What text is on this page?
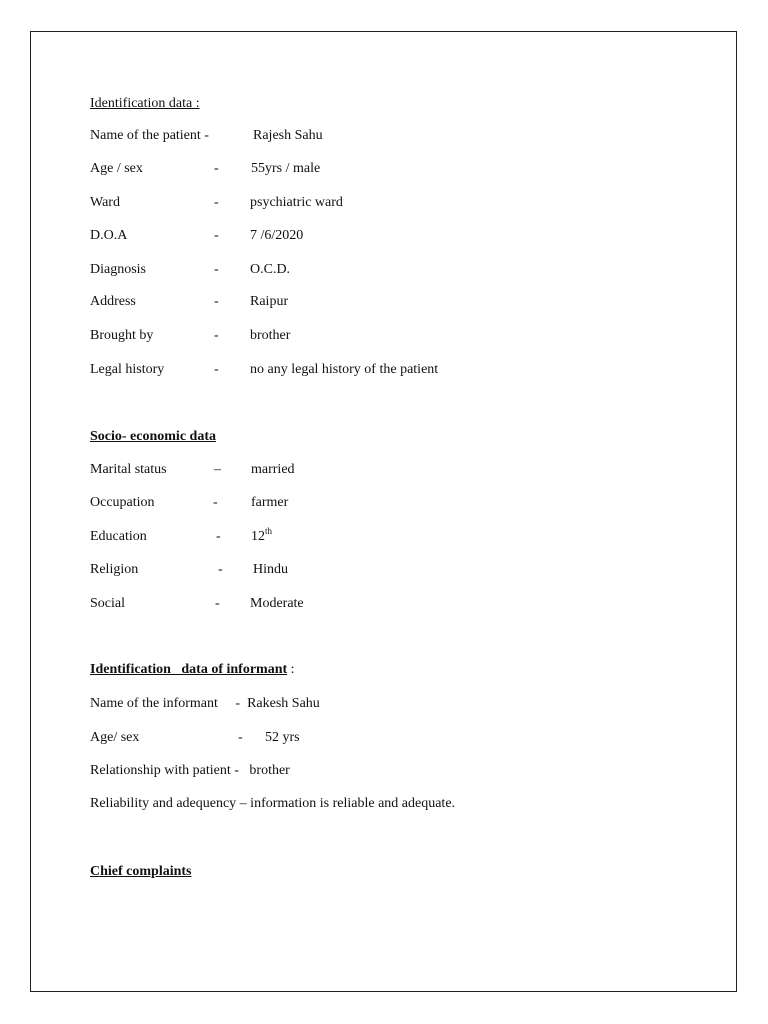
Identification data :
Name of the patient -	Rajesh Sahu
Age / sex	- 55yrs / male
Ward	- psychiatric ward
D.O.A	- 7 /6/2020
Diagnosis	- O.C.D.
Address	- Raipur
Brought by	- brother
Legal history	- no any legal history of the patient
Socio- economic data
Marital status	– married
Occupation	- farmer
Education	- 12th
Religion	- Hindu
Social	- Moderate
Identification   data of informant :
Name of the informant     -  Rakesh Sahu
Age/ sex	- 52 yrs
Relationship with patient -   brother
Reliability and adequency – information is reliable and adequate.
Chief complaints
